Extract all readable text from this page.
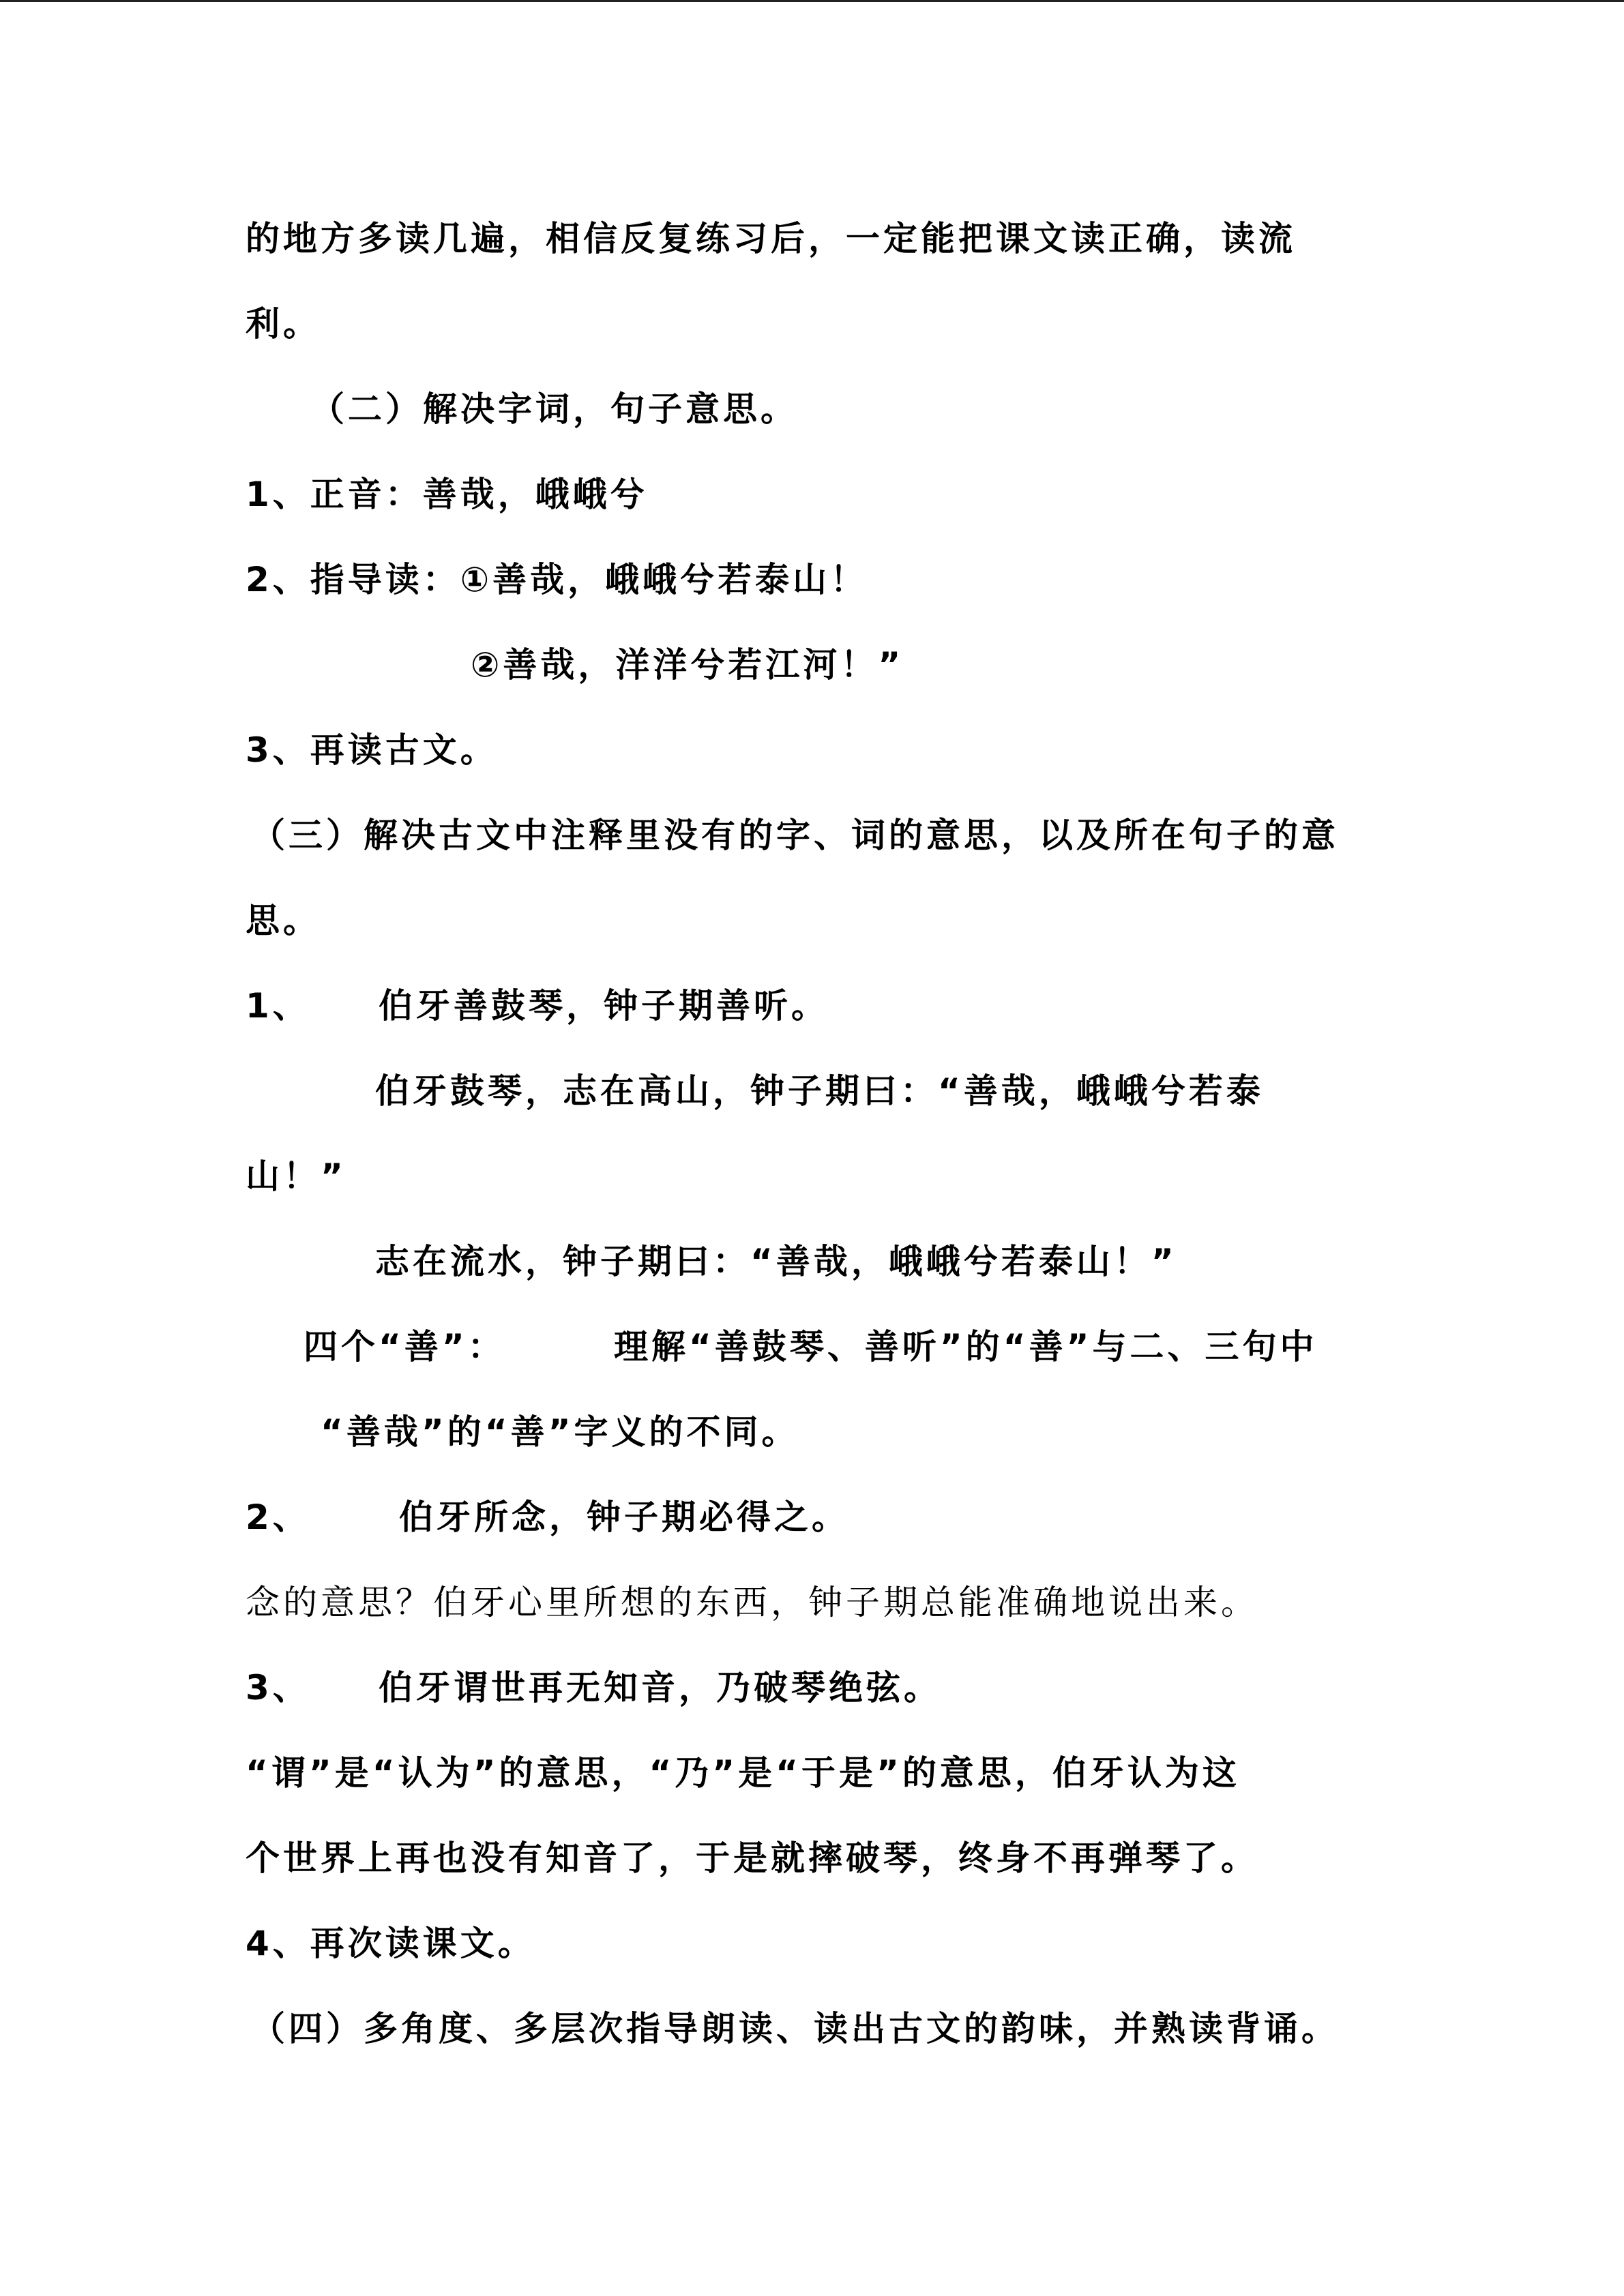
的地方多读几遍，相信反复练习后，一定能把课文读正确，读流
利。
（二）解决字词，句子意思。
1、正音：善哉，峨峨兮
2、指导读：①善哉，峨峨兮若泰山！
②善哉，洋洋兮若江河！”
3、再读古文。
（三）解决古文中注释里没有的字、词的意思，以及所在句子的意
思。
1、 伯牙善鼓琴，钟子期善听。
伯牙鼓琴，志在高山，钟子期曰：“善哉，峨峨兮若泰
山！”
志在流水，钟子期曰：“善哉，峨峨兮若泰山！”
四个“善”：	理解“善鼓琴、善听”的“善”与二、三句中
“善哉”的“善”字义的不同。
2、	伯牙所念，钟子期必得之。
念的意思？伯牙心里所想的东西，钟子期总能准确地说出来。
3、 伯牙谓世再无知音，乃破琴绝弦。
“谓”是“认为”的意思，“乃”是“于是”的意思，伯牙认为这
个世界上再也没有知音了，于是就摔破琴，终身不再弹琴了。
4、再次读课文。
（四）多角度、多层次指导朗读、读出古文的韵味，并熟读背诵。
